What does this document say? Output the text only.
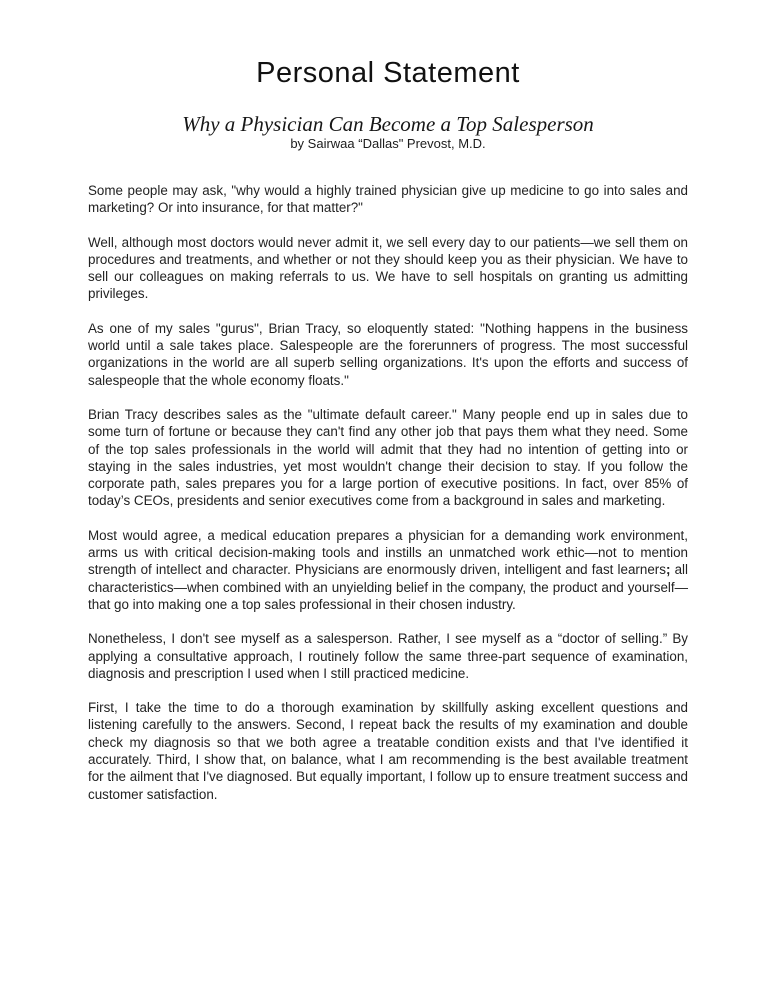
Personal Statement
Why a Physician Can Become a Top Salesperson
by Sairwaa “Dallas" Prevost, M.D.

Some people may ask, "why would a highly trained physician give up medicine to go into sales and marketing? Or into insurance, for that matter?"

Well, although most doctors would never admit it, we sell every day to our patients—we sell them on procedures and treatments, and whether or not they should keep you as their physician. We have to sell our colleagues on making referrals to us. We have to sell hospitals on granting us admitting privileges.

As one of my sales "gurus", Brian Tracy, so eloquently stated: "Nothing happens in the business world until a sale takes place. Salespeople are the forerunners of progress. The most successful organizations in the world are all superb selling organizations. It's upon the efforts and success of salespeople that the whole economy floats."

Brian Tracy describes sales as the "ultimate default career." Many people end up in sales due to some turn of fortune or because they can't find any other job that pays them what they need. Some of the top sales professionals in the world will admit that they had no intention of getting into or staying in the sales industries, yet most wouldn't change their decision to stay. If you follow the corporate path, sales prepares you for a large portion of executive positions. In fact, over 85% of today’s CEOs, presidents and senior executives come from a background in sales and marketing.

Most would agree, a medical education prepares a physician for a demanding work environment, arms us with critical decision-making tools and instills an unmatched work ethic—not to mention strength of intellect and character. Physicians are enormously driven, intelligent and fast learners; all characteristics—when combined with an unyielding belief in the company, the product and yourself—that go into making one a top sales professional in their chosen industry.

Nonetheless, I don't see myself as a salesperson. Rather, I see myself as a “doctor of selling.” By applying a consultative approach, I routinely follow the same three-part sequence of examination, diagnosis and prescription I used when I still practiced medicine.

First, I take the time to do a thorough examination by skillfully asking excellent questions and listening carefully to the answers. Second, I repeat back the results of my examination and double check my diagnosis so that we both agree a treatable condition exists and that I've identified it accurately. Third, I show that, on balance, what I am recommending is the best available treatment for the ailment that I've diagnosed. But equally important, I follow up to ensure treatment success and customer satisfaction.
